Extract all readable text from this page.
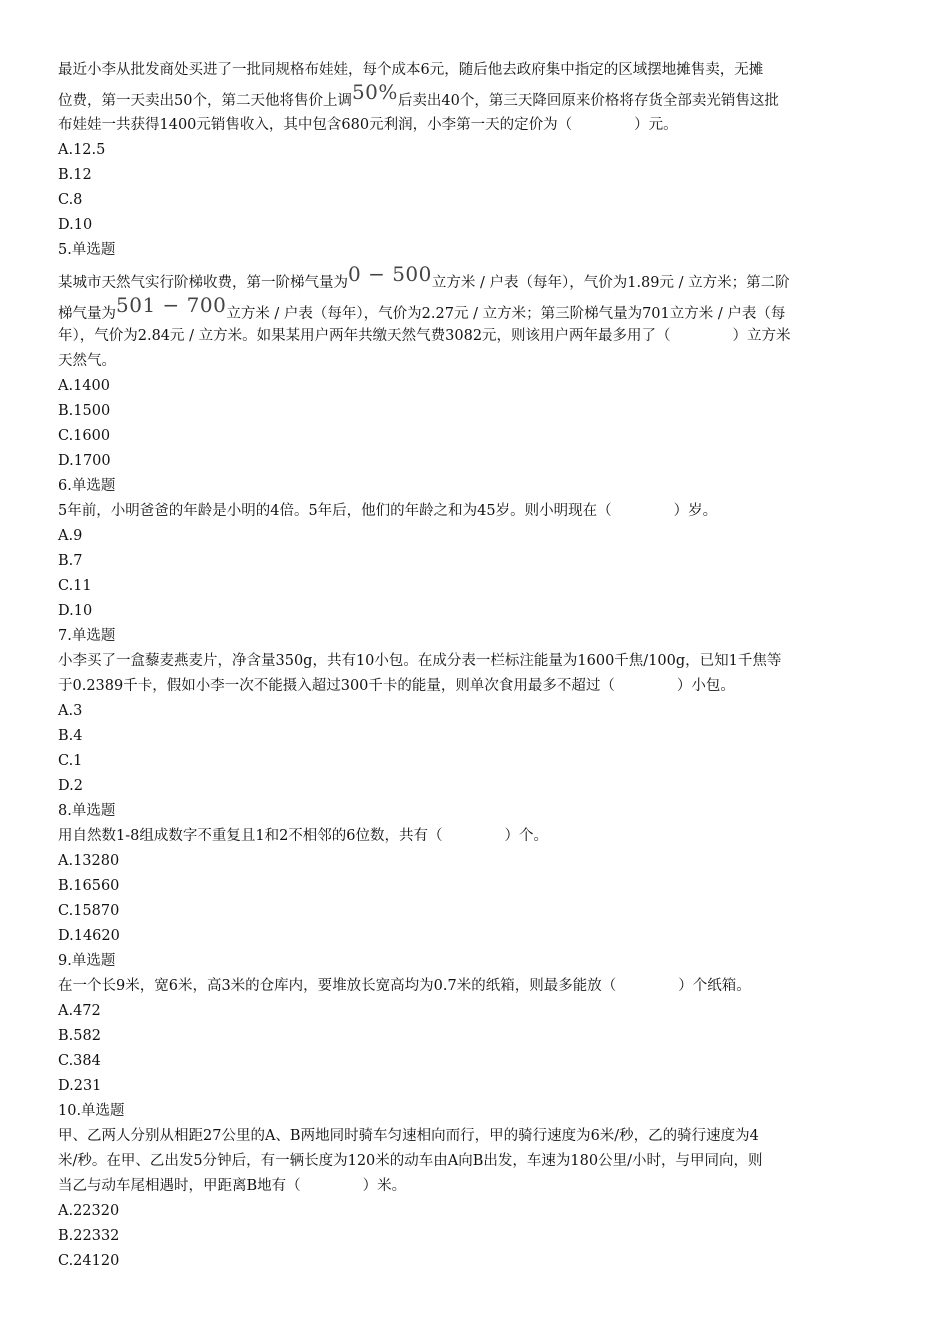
最近小李从批发商处买进了一批同规格布娃娃，每个成本6元，随后他去政府集中指定的区域摆地摊售卖，无摊
位费，第一天卖出50个，第二天他将售价上调50%后卖出40个，第三天降回原来价格将存货全部卖光销售这批
布娃娃一共获得1400元销售收入，其中包含680元利润，小李第一天的定价为（	）元。
A.12.5
B.12
C.8
D.10
5.单选题
某城市天然气实行阶梯收费，第一阶梯气量为0 − 500立方米 / 户表（每年），气价为1.89元 / 立方米；第二阶
梯气量为501 − 700立方米 / 户表（每年），气价为2.27元 / 立方米；第三阶梯气量为701立方米 / 户表（每
年），气价为2.84元 / 立方米。如果某用户两年共缴天然气费3082元，则该用户两年最多用了（	）立方米
天然气。
A.1400
B.1500
C.1600
D.1700
6.单选题
5年前，小明爸爸的年龄是小明的4倍。5年后，他们的年龄之和为45岁。则小明现在（	）岁。
A.9
B.7
C.11
D.10
7.单选题
小李买了一盒藜麦燕麦片，净含量350g，共有10小包。在成分表一栏标注能量为1600千焦/100g，已知1千焦等
于0.2389千卡，假如小李一次不能摄入超过300千卡的能量，则单次食用最多不超过（	）小包。
A.3
B.4
C.1
D.2
8.单选题
用自然数1-8组成数字不重复且1和2不相邻的6位数，共有（	）个。
A.13280
B.16560
C.15870
D.14620
9.单选题
在一个长9米，宽6米，高3米的仓库内，要堆放长宽高均为0.7米的纸箱，则最多能放（	）个纸箱。
A.472
B.582
C.384
D.231
10.单选题
甲、乙两人分别从相距27公里的A、B两地同时骑车匀速相向而行，甲的骑行速度为6米/秒，乙的骑行速度为4
米/秒。在甲、乙出发5分钟后，有一辆长度为120米的动车由A向B出发，车速为180公里/小时，与甲同向，则
当乙与动车尾相遇时，甲距离B地有（	）米。
A.22320
B.22332
C.24120
